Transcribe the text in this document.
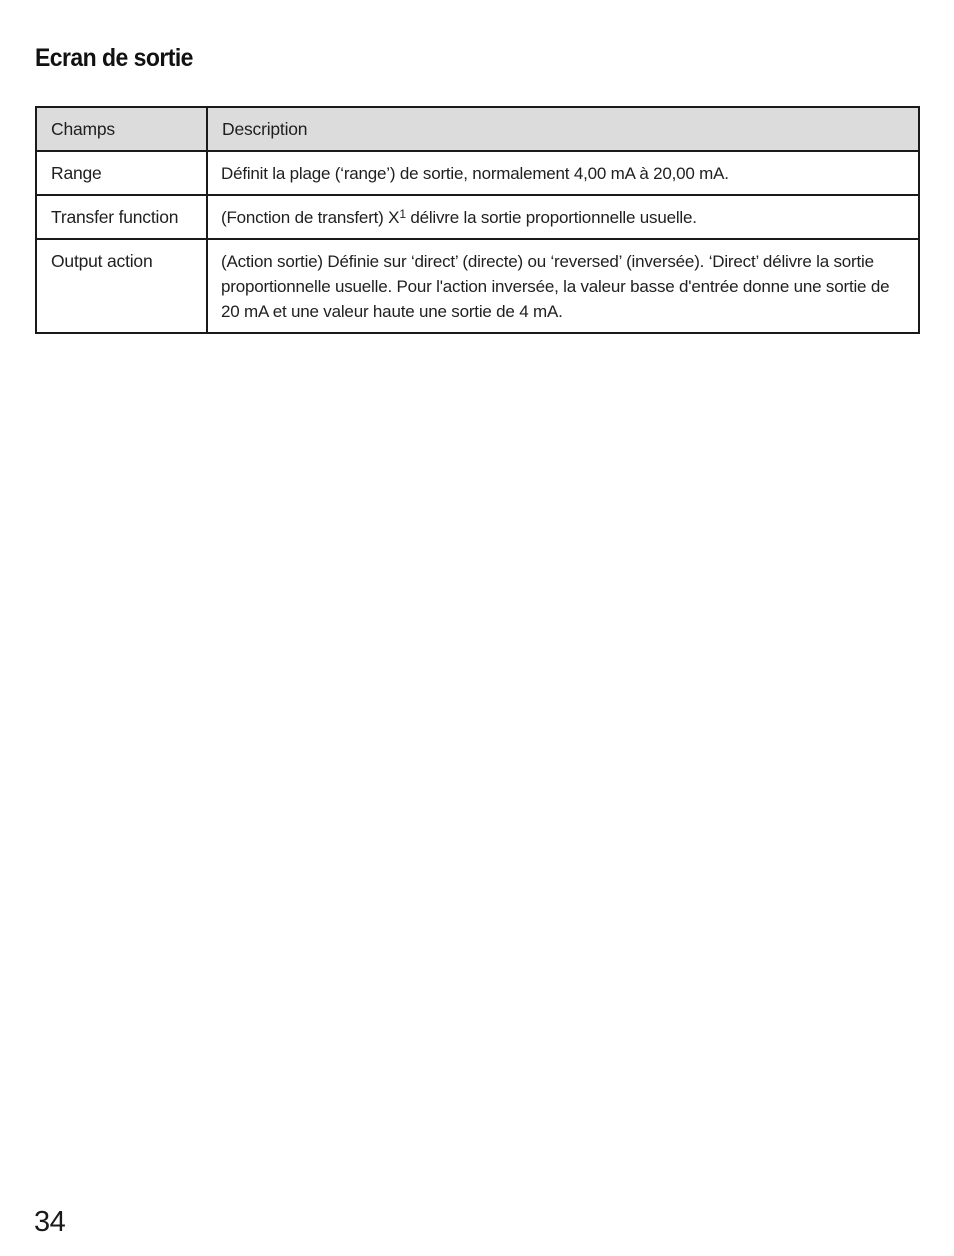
Ecran de sortie
Champs	Description
Range	Définit la plage (‘range’) de sortie, normalement 4,00 mA à 20,00 mA.
Transfer function	(Fonction de transfert) $X^1$ délivre la sortie proportionnelle usuelle.
Output action	(Action sortie) Définie sur ‘direct’ (directe) ou ‘reversed’ (inversée). ‘Direct’ délivre la sortie proportionnelle usuelle. Pour l'action inversée, la valeur basse d'entrée donne une sortie de 20 mA et une valeur haute une sortie de 4 mA.
34
